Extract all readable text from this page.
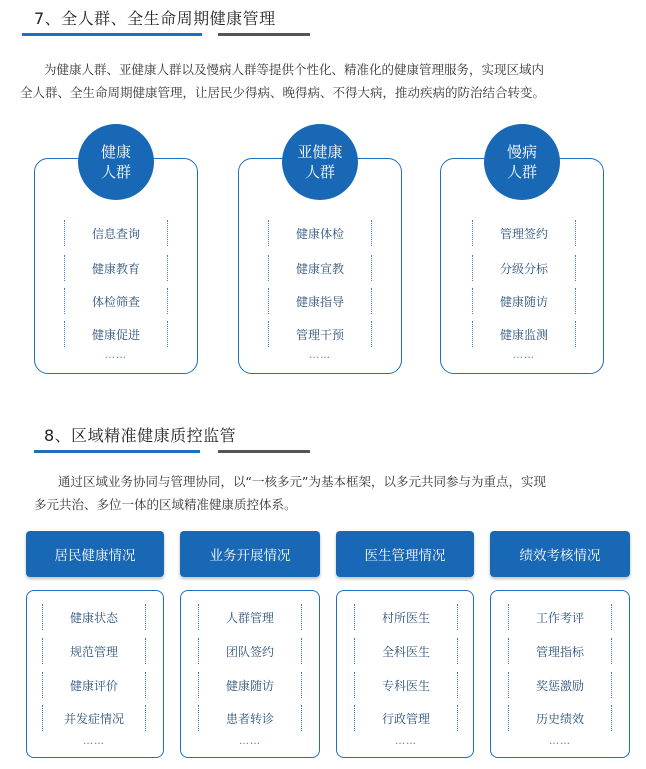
7、全人群、全生命周期健康管理
为健康人群、亚健康人群以及慢病人群等提供个性化、精准化的健康管理服务，实现区域内
全人群、全生命周期健康管理，让居民少得病、晚得病、不得大病，推动疾病的防治结合转变。
健康
人群
信息查询
健康教育
体检筛查
健康促进
……
亚健康
人群
健康体检
健康宣教
健康指导
管理干预
……
慢病
人群
管理签约
分级分标
健康随访
健康监测
……
8、区域精准健康质控监管
通过区域业务协同与管理协同，以“一核多元”为基本框架，以多元共同参与为重点，实现
多元共治、多位一体的区域精准健康质控体系。
居民健康情况
健康状态
规范管理
健康评价
并发症情况
……
业务开展情况
人群管理
团队签约
健康随访
患者转诊
……
医生管理情况
村所医生
全科医生
专科医生
行政管理
……
绩效考核情况
工作考评
管理指标
奖惩激励
历史绩效
……
